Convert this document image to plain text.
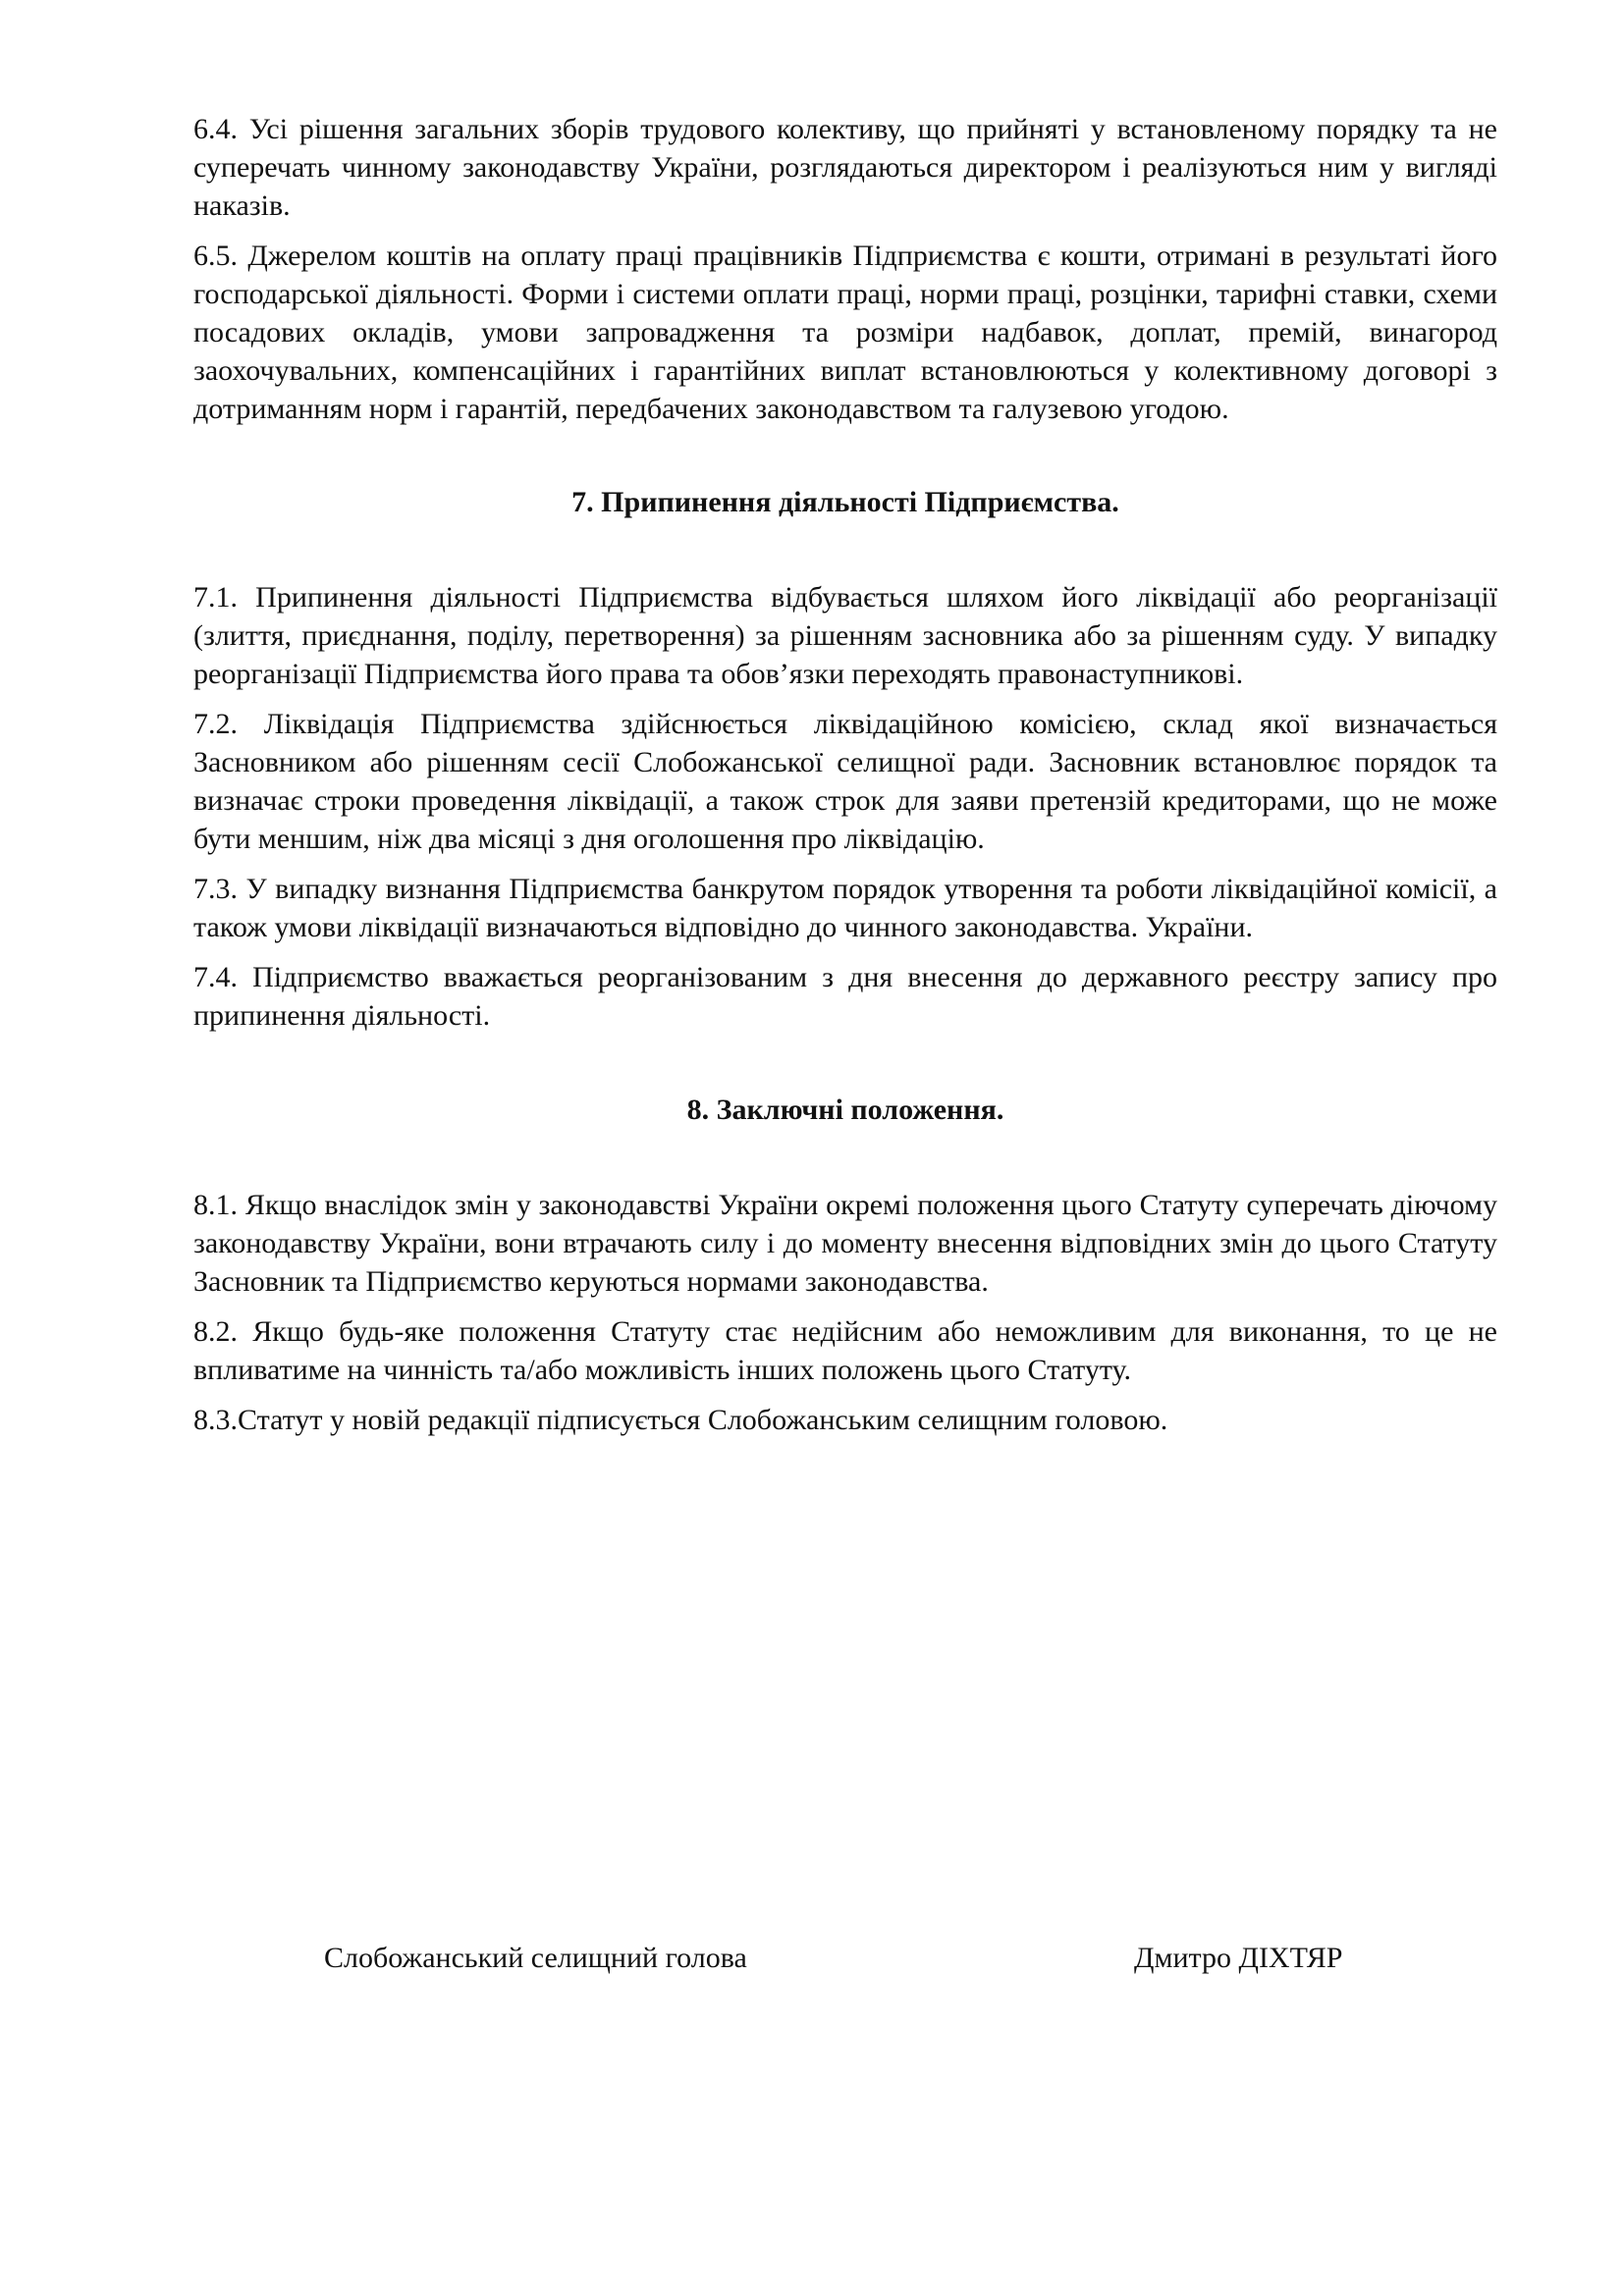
6.4. Усі рішення загальних зборів трудового колективу, що прийняті у встановленому порядку та не суперечать чинному законодавству України, розглядаються директором і реалізуються ним у вигляді наказів.

6.5. Джерелом коштів на оплату праці працівників Підприємства є кошти, отримані в результаті його господарської діяльності. Форми і системи оплати праці, норми праці, розцінки, тарифні ставки, схеми посадових окладів, умови запровадження та розміри надбавок, доплат, премій, винагород заохочувальних, компенсаційних і гарантійних виплат встановлюються у колективному договорі з дотриманням норм і гарантій, передбачених законодавством та галузевою угодою.

7. Припинення діяльності Підприємства.

7.1. Припинення діяльності Підприємства відбувається шляхом його ліквідації або реорганізації (злиття, приєднання, поділу, перетворення) за рішенням засновника або за рішенням суду. У випадку реорганізації Підприємства його права та обов’язки переходять правонаступникові.

7.2. Ліквідація Підприємства здійснюється ліквідаційною комісією, склад якої визначається Засновником або рішенням сесії Слобожанської селищної ради. Засновник встановлює порядок та визначає строки проведення ліквідації, а також строк для заяви претензій кредиторами, що не може бути меншим, ніж два місяці з дня оголошення про ліквідацію.

7.3. У випадку визнання Підприємства банкрутом порядок утворення та роботи ліквідаційної комісії, а також умови ліквідації визначаються відповідно до чинного законодавства. України.

7.4. Підприємство вважається реорганізованим з дня внесення до державного реєстру запису про припинення діяльності.

8. Заключні положення.

8.1. Якщо внаслідок змін у законодавстві України окремі положення цього Статуту суперечать діючому законодавству України, вони втрачають силу і до моменту внесення відповідних змін до цього Статуту Засновник та Підприємство керуються нормами законодавства.

8.2. Якщо будь-яке положення Статуту стає недійсним або неможливим для виконання, то це не впливатиме на чинність та/або можливість інших положень цього Статуту.

8.3.Статут у новій редакції підписується Слобожанським селищним головою.

Слобожанський селищний голова	Дмитро ДІХТЯР
